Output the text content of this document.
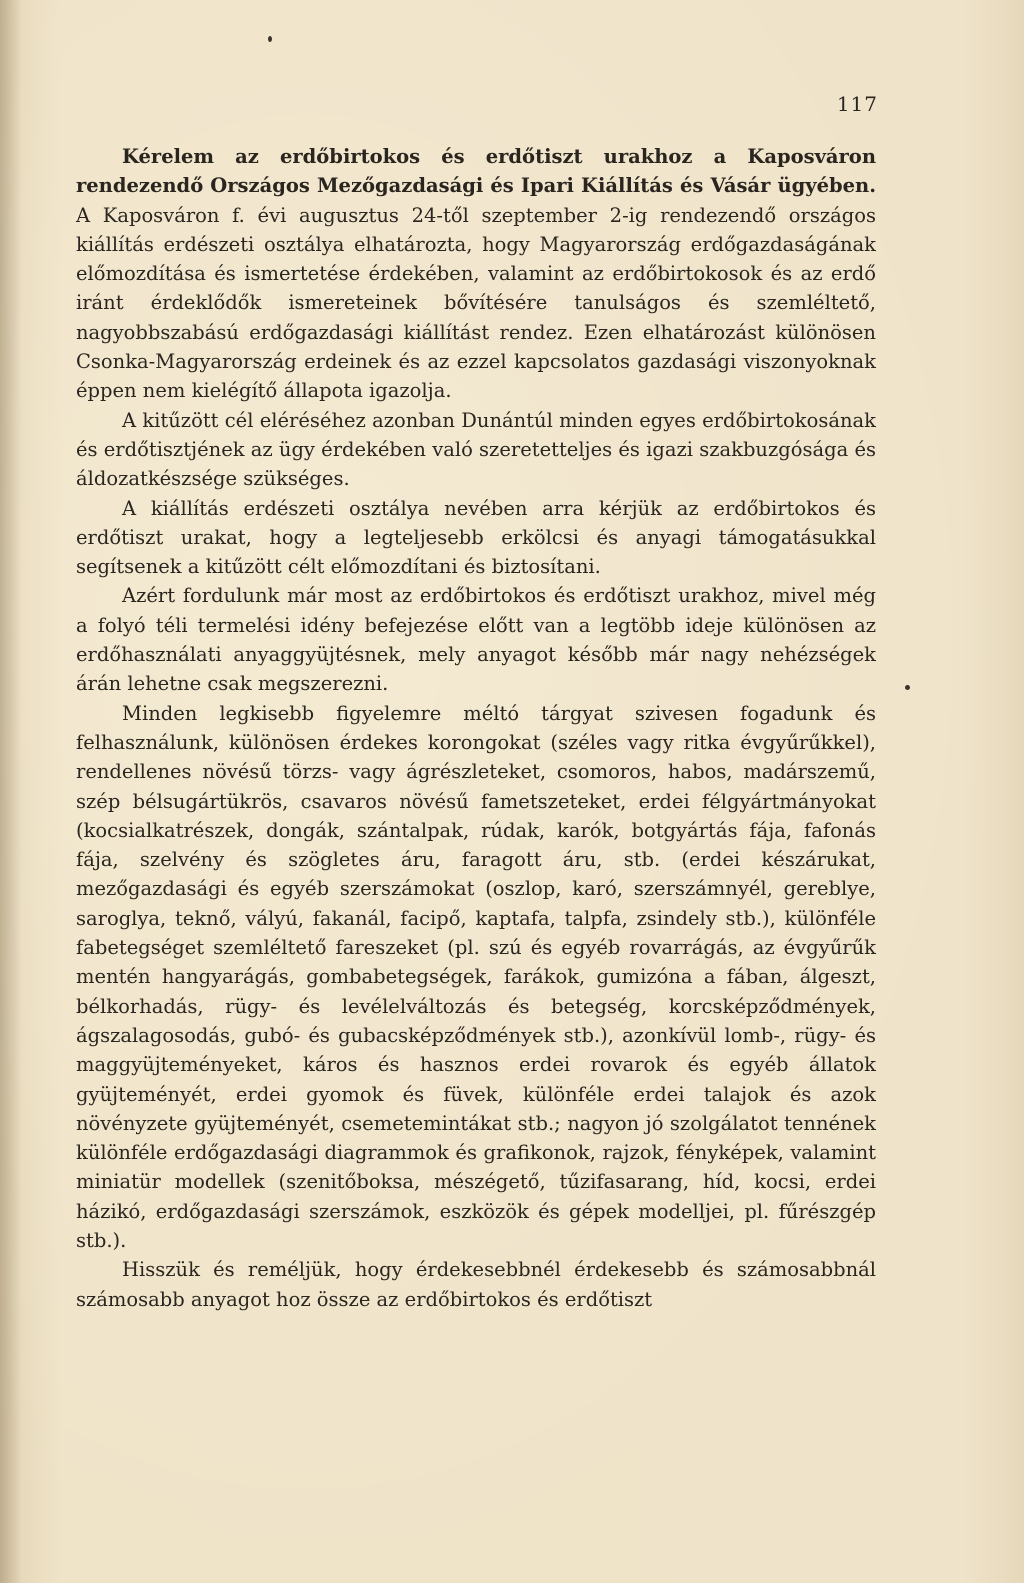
117

Kérelem az erdőbirtokos és erdőtiszt urakhoz a Kaposváron rendezendő Országos Mezőgazdasági és Ipari Kiállítás és Vásár ügyében. A Kaposváron f. évi augusztus 24-től szeptember 2-ig rendezendő országos kiállítás erdészeti osztálya elhatározta, hogy Magyarország erdőgazdaságának előmozdítása és ismertetése érdekében, valamint az erdőbirtokosok és az erdő iránt érdeklődők ismereteinek bővítésére tanulságos és szemléltető, nagyobbszabású erdőgazdasági kiállítást rendez. Ezen elhatározást különösen Csonka-Magyarország erdeinek és az ezzel kapcsolatos gazdasági viszonyoknak éppen nem kielégítő állapota igazolja.

A kitűzött cél eléréséhez azonban Dunántúl minden egyes erdőbirtokosának és erdőtisztjének az ügy érdekében való szeretetteljes és igazi szakbuzgósága és áldozatkészsége szükséges.

A kiállítás erdészeti osztálya nevében arra kérjük az erdőbirtokos és erdőtiszt urakat, hogy a legteljesebb erkölcsi és anyagi támogatásukkal segítsenek a kitűzött célt előmozdítani és biztosítani.

Azért fordulunk már most az erdőbirtokos és erdőtiszt urakhoz, mivel még a folyó téli termelési idény befejezése előtt van a legtöbb ideje különösen az erdőhasználati anyaggyüjtésnek, mely anyagot később már nagy nehézségek árán lehetne csak megszerezni.

Minden legkisebb figyelemre méltó tárgyat szivesen fogadunk és felhasználunk, különösen érdekes korongokat (széles vagy ritka évgyűrűkkel), rendellenes növésű törzs- vagy ágrészleteket, csomoros, habos, madárszemű, szép bélsugártükrös, csavaros növésű fametszeteket, erdei félgyártmányokat (kocsialkatrészek, dongák, szántalpak, rúdak, karók, botgyártás fája, fafonás fája, szelvény és szögletes áru, faragott áru, stb. (erdei készárukat, mezőgazdasági és egyéb szerszámokat (oszlop, karó, szerszámnyél, gereblye, saroglya, teknő, vályú, fakanál, facipő, kaptafa, talpfa, zsindely stb.), különféle fabetegséget szemléltető fareszeket (pl. szú és egyéb rovarrágás, az évgyűrűk mentén hangyarágás, gombabetegségek, farákok, gumizóna a fában, álgeszt, bélkorhadás, rügy- és levélelváltozás és betegség, korcsképződmények, ágszalagosodás, gubó- és gubacsképződmények stb.), azonkívül lomb-, rügy- és maggyüjteményeket, káros és hasznos erdei rovarok és egyéb állatok gyüjteményét, erdei gyomok és füvek, különféle erdei talajok és azok növényzete gyüjteményét, csemetemintákat stb.; nagyon jó szolgálatot tennének különféle erdőgazdasági diagrammok és grafikonok, rajzok, fényképek, valamint miniatür modellek (szenitőboksa, mészégető, tűzifasarang, híd, kocsi, erdei házikó, erdőgazdasági szerszámok, eszközök és gépek modelljei, pl. fűrészgép stb.).

Hisszük és reméljük, hogy érdekesebbnél érdekesebb és számosabbnál számosabb anyagot hoz össze az erdőbirtokos és erdőtiszt
